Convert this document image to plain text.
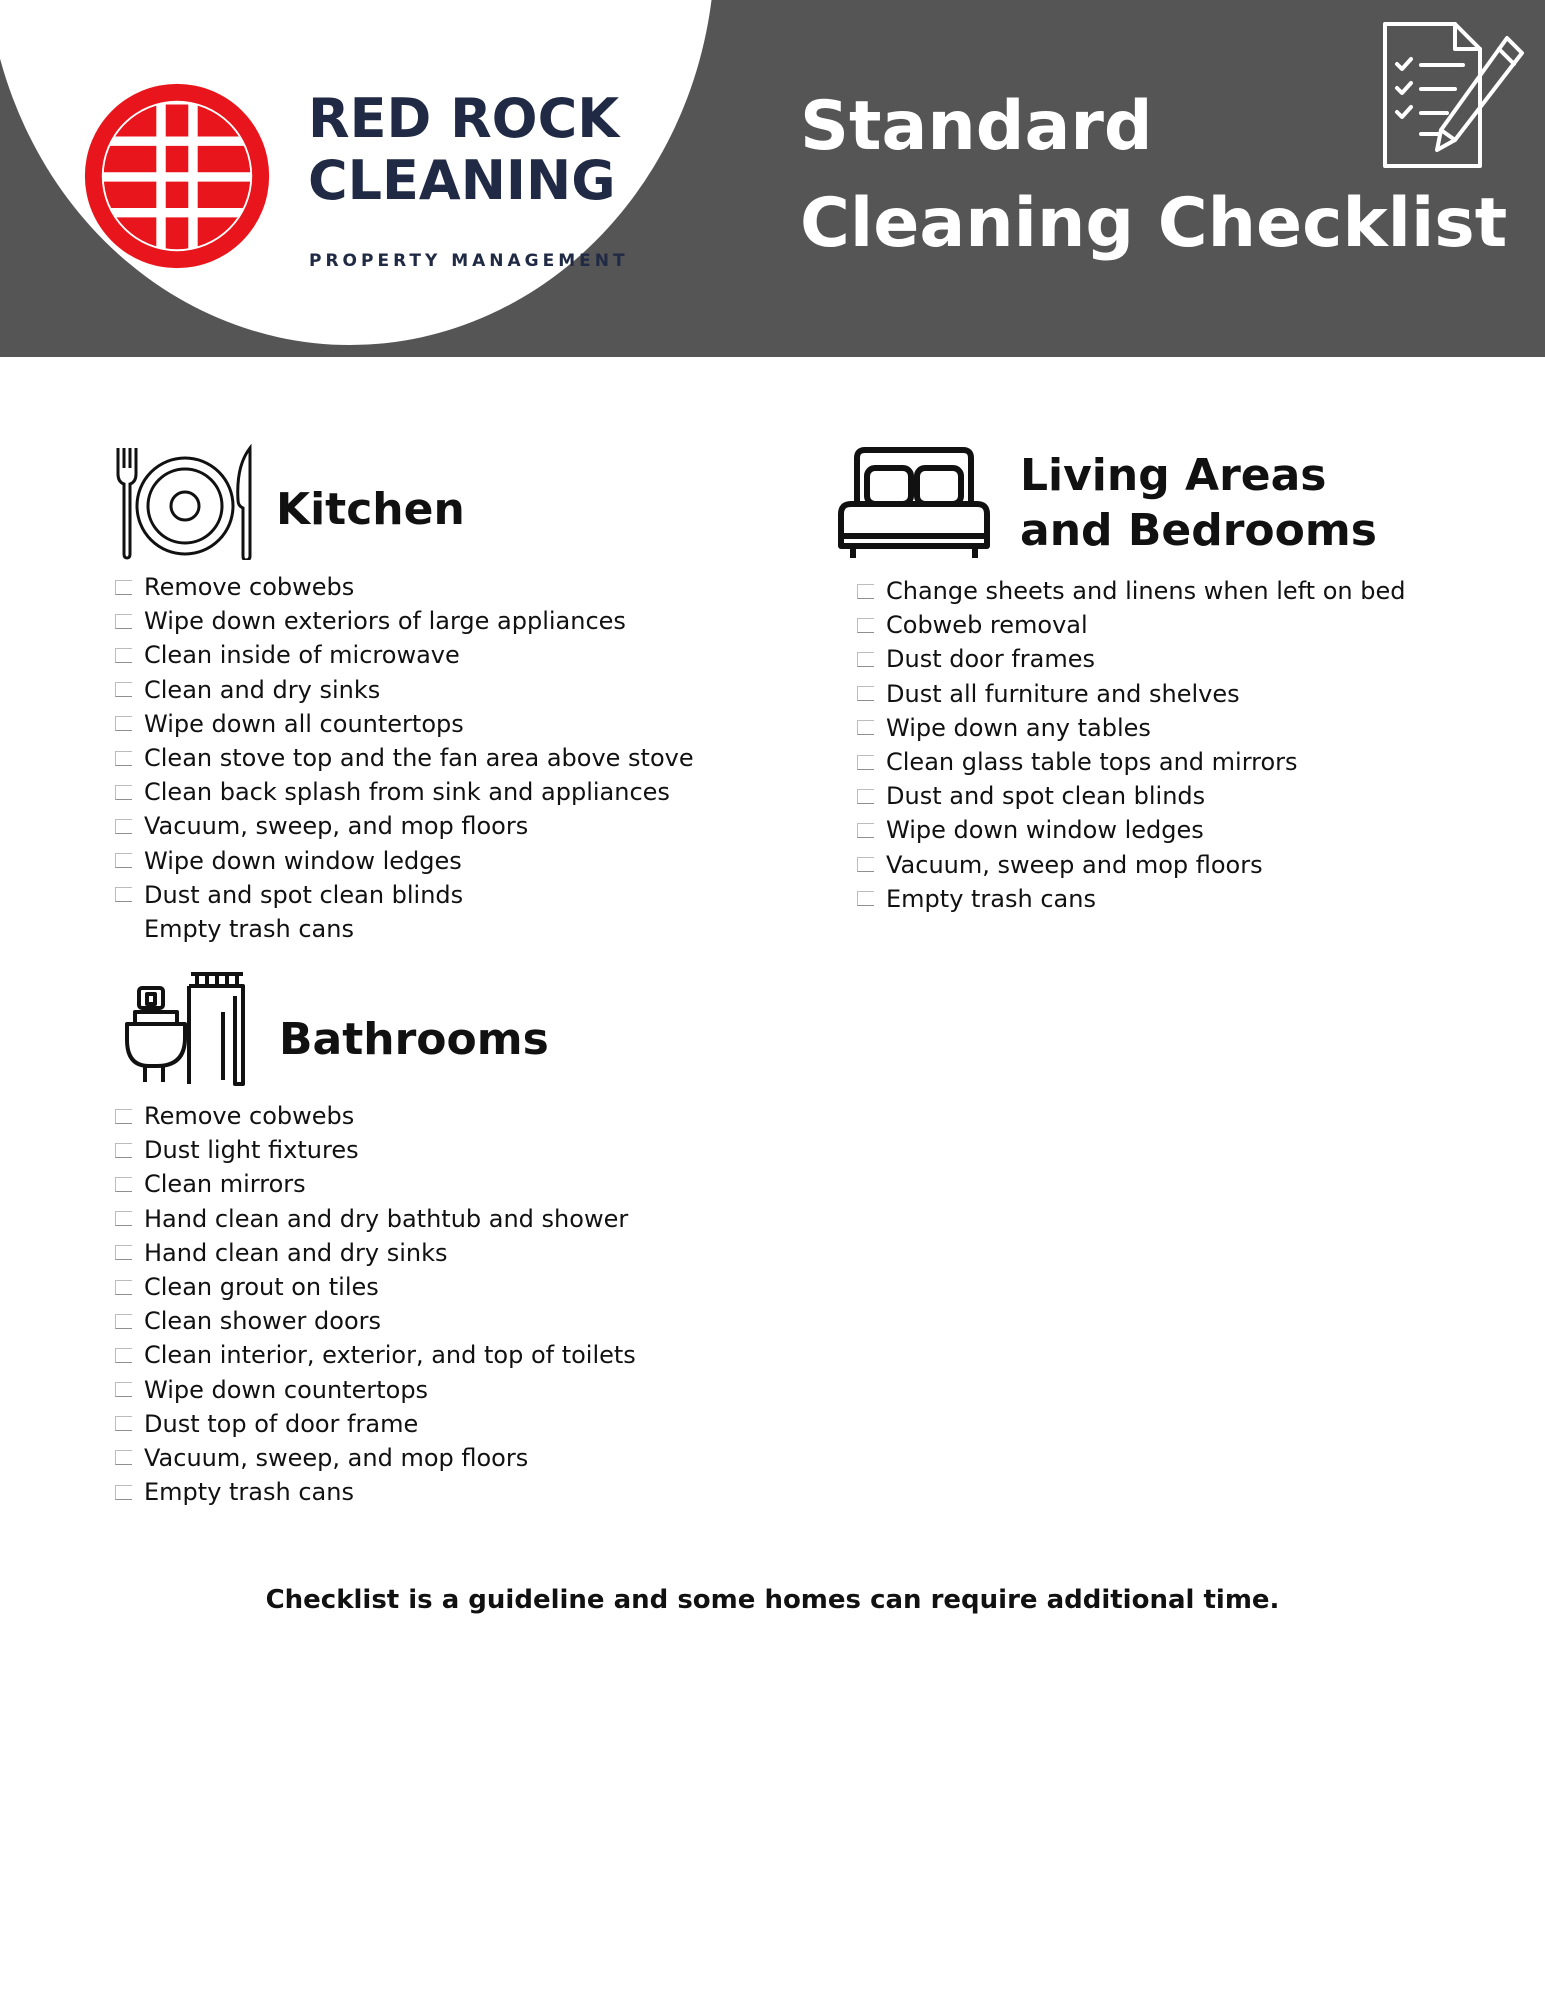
RED ROCK
CLEANING
PROPERTY MANAGEMENT
Standard
Cleaning Checklist
Kitchen
Remove cobwebs
Wipe down exteriors of large appliances
Clean inside of microwave
Clean and dry sinks
Wipe down all countertops
Clean stove top and the fan area above stove
Clean back splash from sink and appliances
Vacuum, sweep, and mop floors
Wipe down window ledges
Dust and spot clean blinds
Empty trash cans
Living Areas
and Bedrooms
Change sheets and linens when left on bed
Cobweb removal
Dust door frames
Dust all furniture and shelves
Wipe down any tables
Clean glass table tops and mirrors
Dust and spot clean blinds
Wipe down window ledges
Vacuum, sweep and mop floors
Empty trash cans
Bathrooms
Remove cobwebs
Dust light fixtures
Clean mirrors
Hand clean and dry bathtub and shower
Hand clean and dry sinks
Clean grout on tiles
Clean shower doors
Clean interior, exterior, and top of toilets
Wipe down countertops
Dust top of door frame
Vacuum, sweep, and mop floors
Empty trash cans
Checklist is a guideline and some homes can require additional time.
